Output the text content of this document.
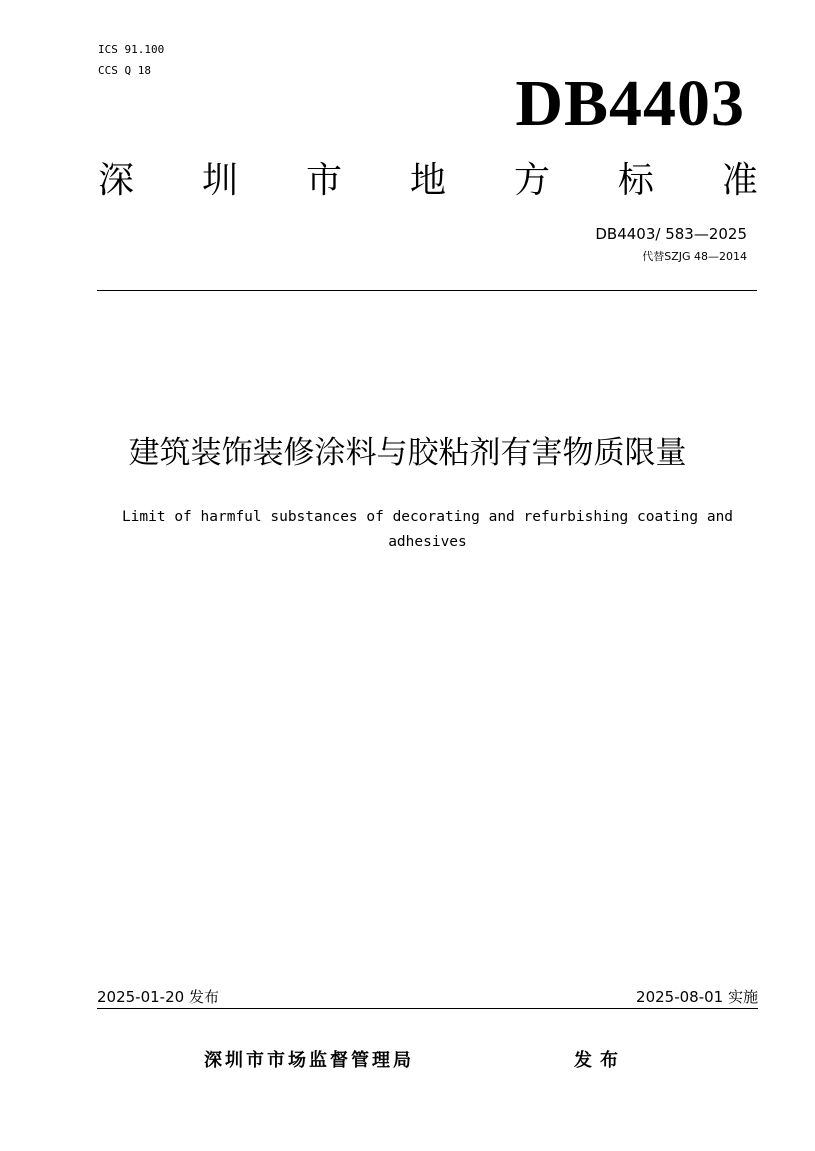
ICS 91.100
CCS Q 18	DB4403
深 圳 市 地 方 标 准
DB4403/ 583—2025
代替SZJG 48—2014
建筑装饰装修涂料与胶粘剂有害物质限量
Limit of harmful substances of decorating and refurbishing coating and adhesives
2025-01-20 发布	2025-08-01 实施
深圳市市场监督管理局	发布
